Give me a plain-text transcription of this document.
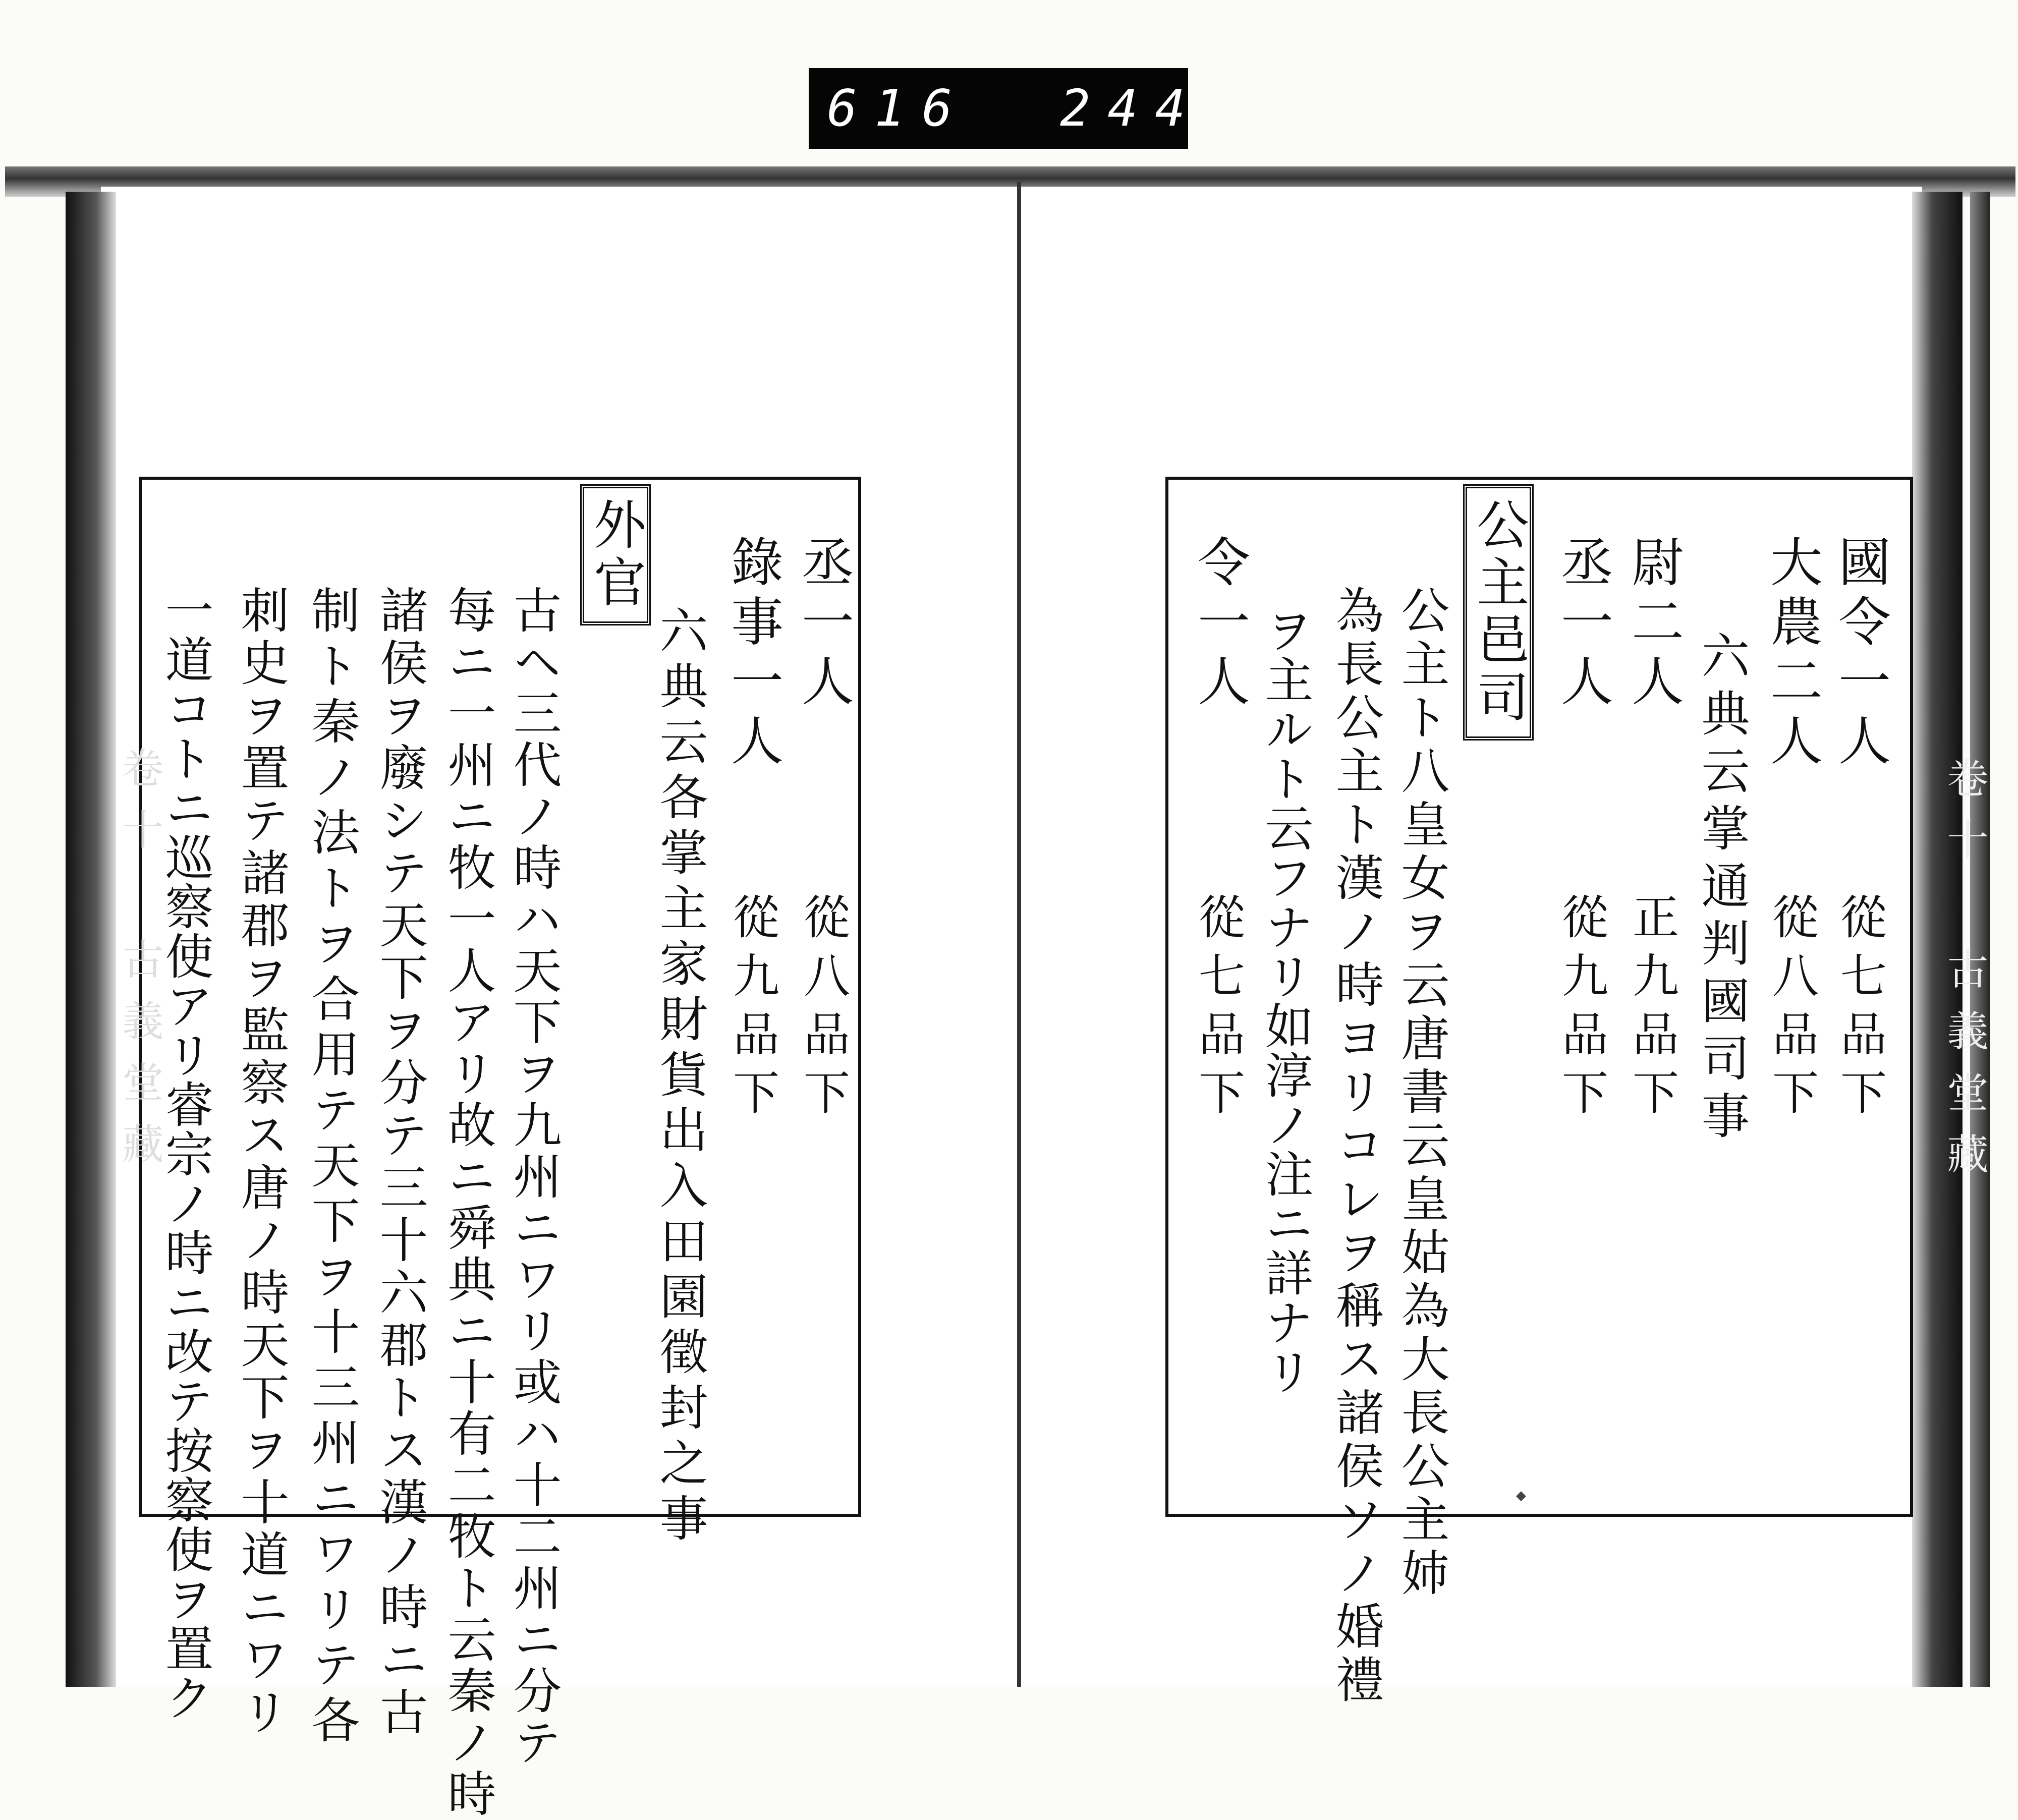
616 244
卷十 古義堂藏	卷十 古義堂藏
國令一人
從七品下
大農二人
從八品下
六典云掌通判國司事
尉二人
正九品下
丞一人
從九品下
公主邑司
公主ト八皇女ヲ云唐書云皇姑為大長公主姉
為長公主ト漢ノ時ヨリコレヲ稱ス諸侯ソノ婚禮
ヲ主ルト云フナリ如淳ノ注ニ詳ナリ
令一人
從七品下
◆
丞一人
從八品下
錄事一人
從九品下
六典云各掌主家財貨出入田園徵封之事
外官
古ヘ三代ノ時ハ天下ヲ九州ニワリ或ハ十二州ニ分テ
每ニ一州ニ牧一人アリ故ニ舜典ニ十有二牧ト云秦ノ時
諸侯ヲ廢シテ天下ヲ分テ三十六郡トス漢ノ時ニ古
制ト秦ノ法トヲ合用テ天下ヲ十三州ニワリテ各
刺史ヲ置テ諸郡ヲ監察ス唐ノ時天下ヲ十道ニワリ
一道コトニ巡察使アリ睿宗ノ時ニ改テ按察使ヲ置ク
